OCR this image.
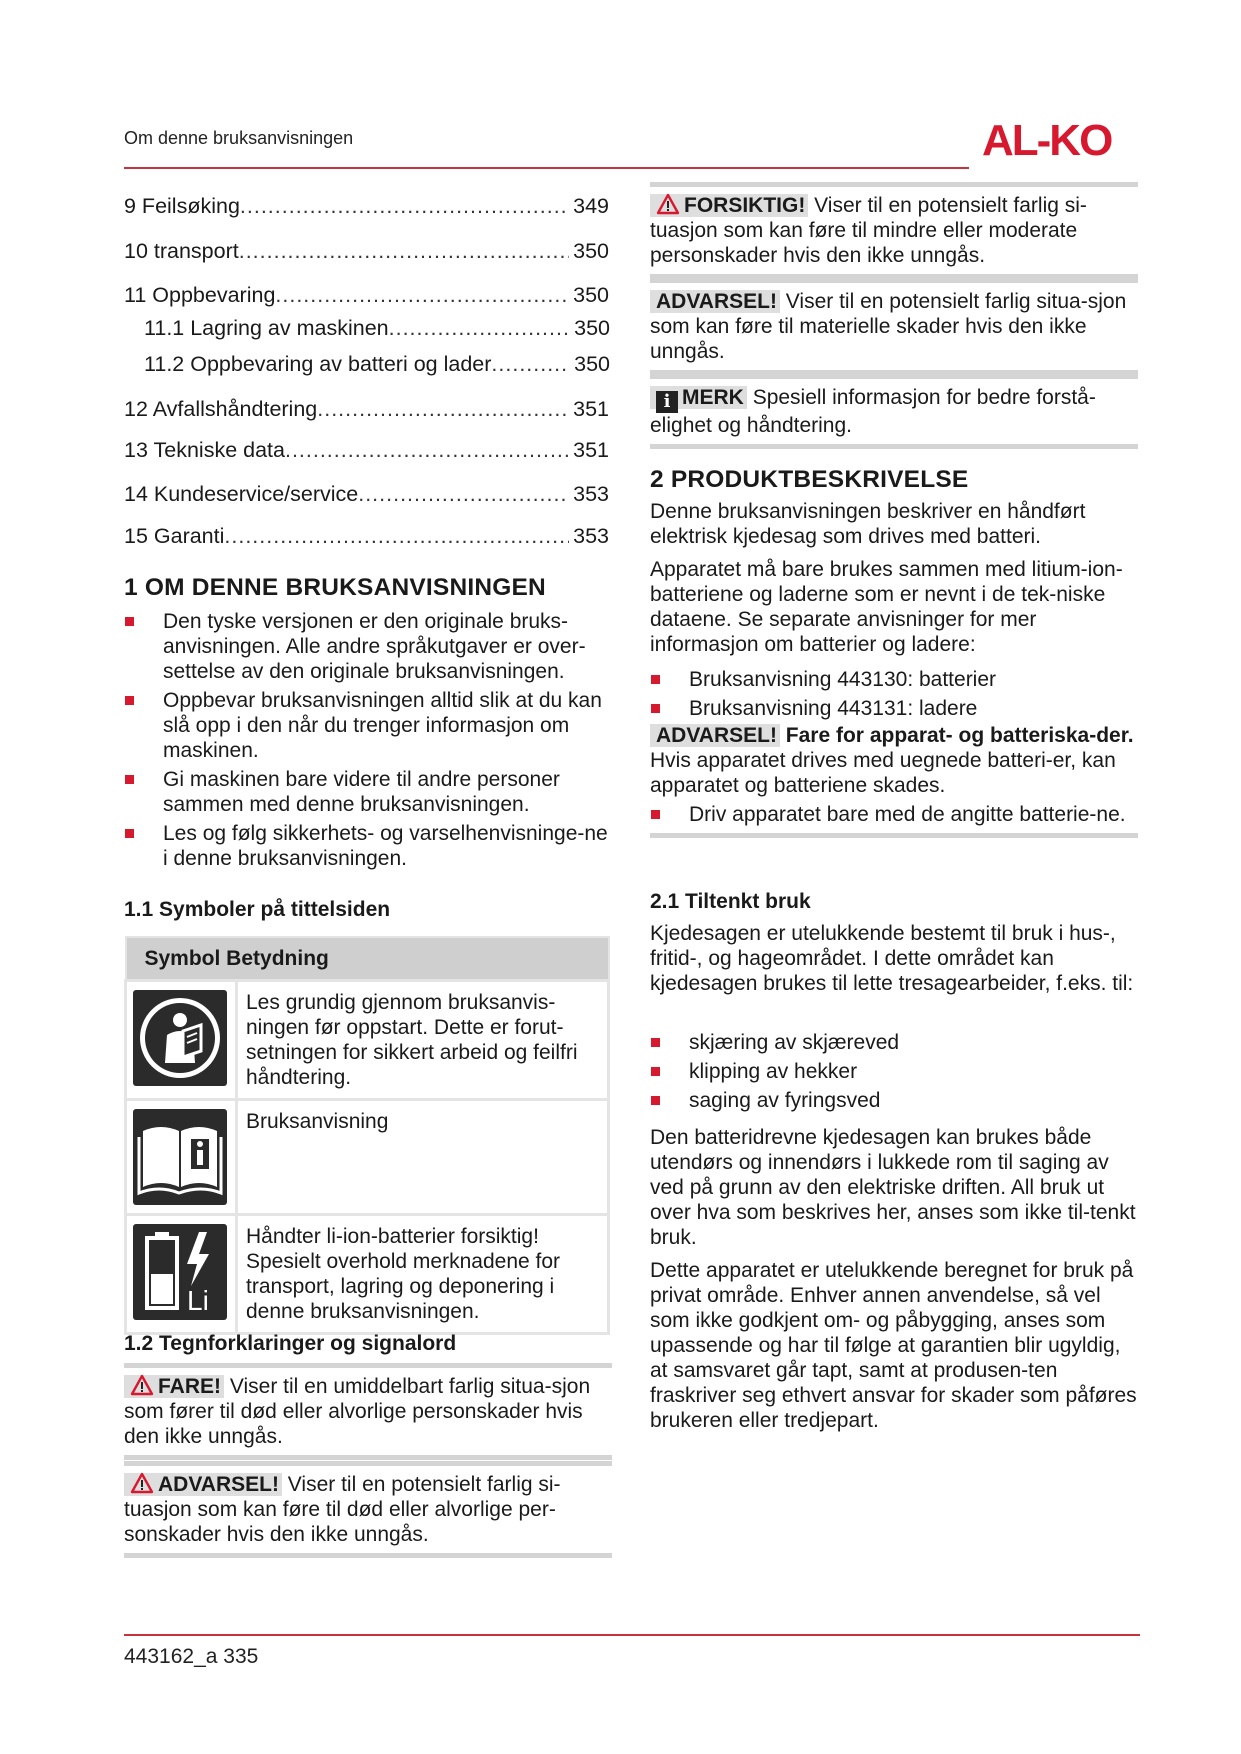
Om denne bruksanvisningen	AL-KO
9 Feilsøking .....	349
10 transport .....	350
11 Oppbevaring .....	350
11.1 Lagring av maskinen .....	350
11.2 Oppbevaring av batteri og lader .....	350
12 Avfallshåndtering .....	351
13 Tekniske data .....	351
14 Kundeservice/service .....	353
15 Garanti .....	353
1 OM DENNE BRUKSANVISNINGEN
Den tyske versjonen er den originale bruks-anvisningen. Alle andre språkutgaver er over-settelse av den originale bruksanvisningen.
Oppbevar bruksanvisningen alltid slik at du kan slå opp i den når du trenger informasjon om maskinen.
Gi maskinen bare videre til andre personer sammen med denne bruksanvisningen.
Les og følg sikkerhets- og varselhenvisninge-ne i denne bruksanvisningen.
1.1 Symboler på tittelsiden
Symbol Betydning	

	Les grundig gjennom bruksanvis-ningen før oppstart. Dette er forut-setningen for sikkert arbeid og feilfri håndtering.

	Bruksanvisning

Li	Håndter li-ion-batterier forsiktig! Spesielt overhold merknadene for transport, lagring og deponering i denne bruksanvisningen.
1.2 Tegnforklaringer og signalord
FARE! Viser til en umiddelbart farlig situa-sjon som fører til død eller alvorlige personskader hvis den ikke unngås.
ADVARSEL! Viser til en potensielt farlig si-tuasjon som kan føre til død eller alvorlige per-sonskader hvis den ikke unngås.
FORSIKTIG! Viser til en potensielt farlig si-tuasjon som kan føre til mindre eller moderate personskader hvis den ikke unngås.
ADVARSEL! Viser til en potensielt farlig situa-sjon som kan føre til materielle skader hvis den ikke unngås.
i MERK Spesiell informasjon for bedre forstå-elighet og håndtering.
2 PRODUKTBESKRIVELSE

Denne bruksanvisningen beskriver en håndført elektrisk kjedesag som drives med batteri.

Apparatet må bare brukes sammen med litium-ion-batteriene og laderne som er nevnt i de tek-niske dataene. Se separate anvisninger for mer informasjon om batterier og ladere:

Bruksanvisning 443130: batterier
Bruksanvisning 443131: ladere
ADVARSEL! Fare for apparat- og batteriska-der. Hvis apparatet drives med uegnede batteri-er, kan apparatet og batteriene skades.
Driv apparatet bare med de angitte batterie-ne.
2.1 Tiltenkt bruk

Kjedesagen er utelukkende bestemt til bruk i hus-, fritid-, og hageområdet. I dette området kan kjedesagen brukes til lette tresagearbeider, f.eks. til:

skjæring av skjæreved
klipping av hekker
saging av fyringsved

Den batteridrevne kjedesagen kan brukes både utendørs og innendørs i lukkede rom til saging av ved på grunn av den elektriske driften. All bruk ut over hva som beskrives her, anses som ikke til-tenkt bruk.

Dette apparatet er utelukkende beregnet for bruk på privat område. Enhver annen anvendelse, så vel som ikke godkjent om- og påbygging, anses som upassende og har til følge at garantien blir ugyldig, at samsvaret går tapt, samt at produsen-ten fraskriver seg ethvert ansvar for skader som påføres brukeren eller tredjepart.

443162_a 335
